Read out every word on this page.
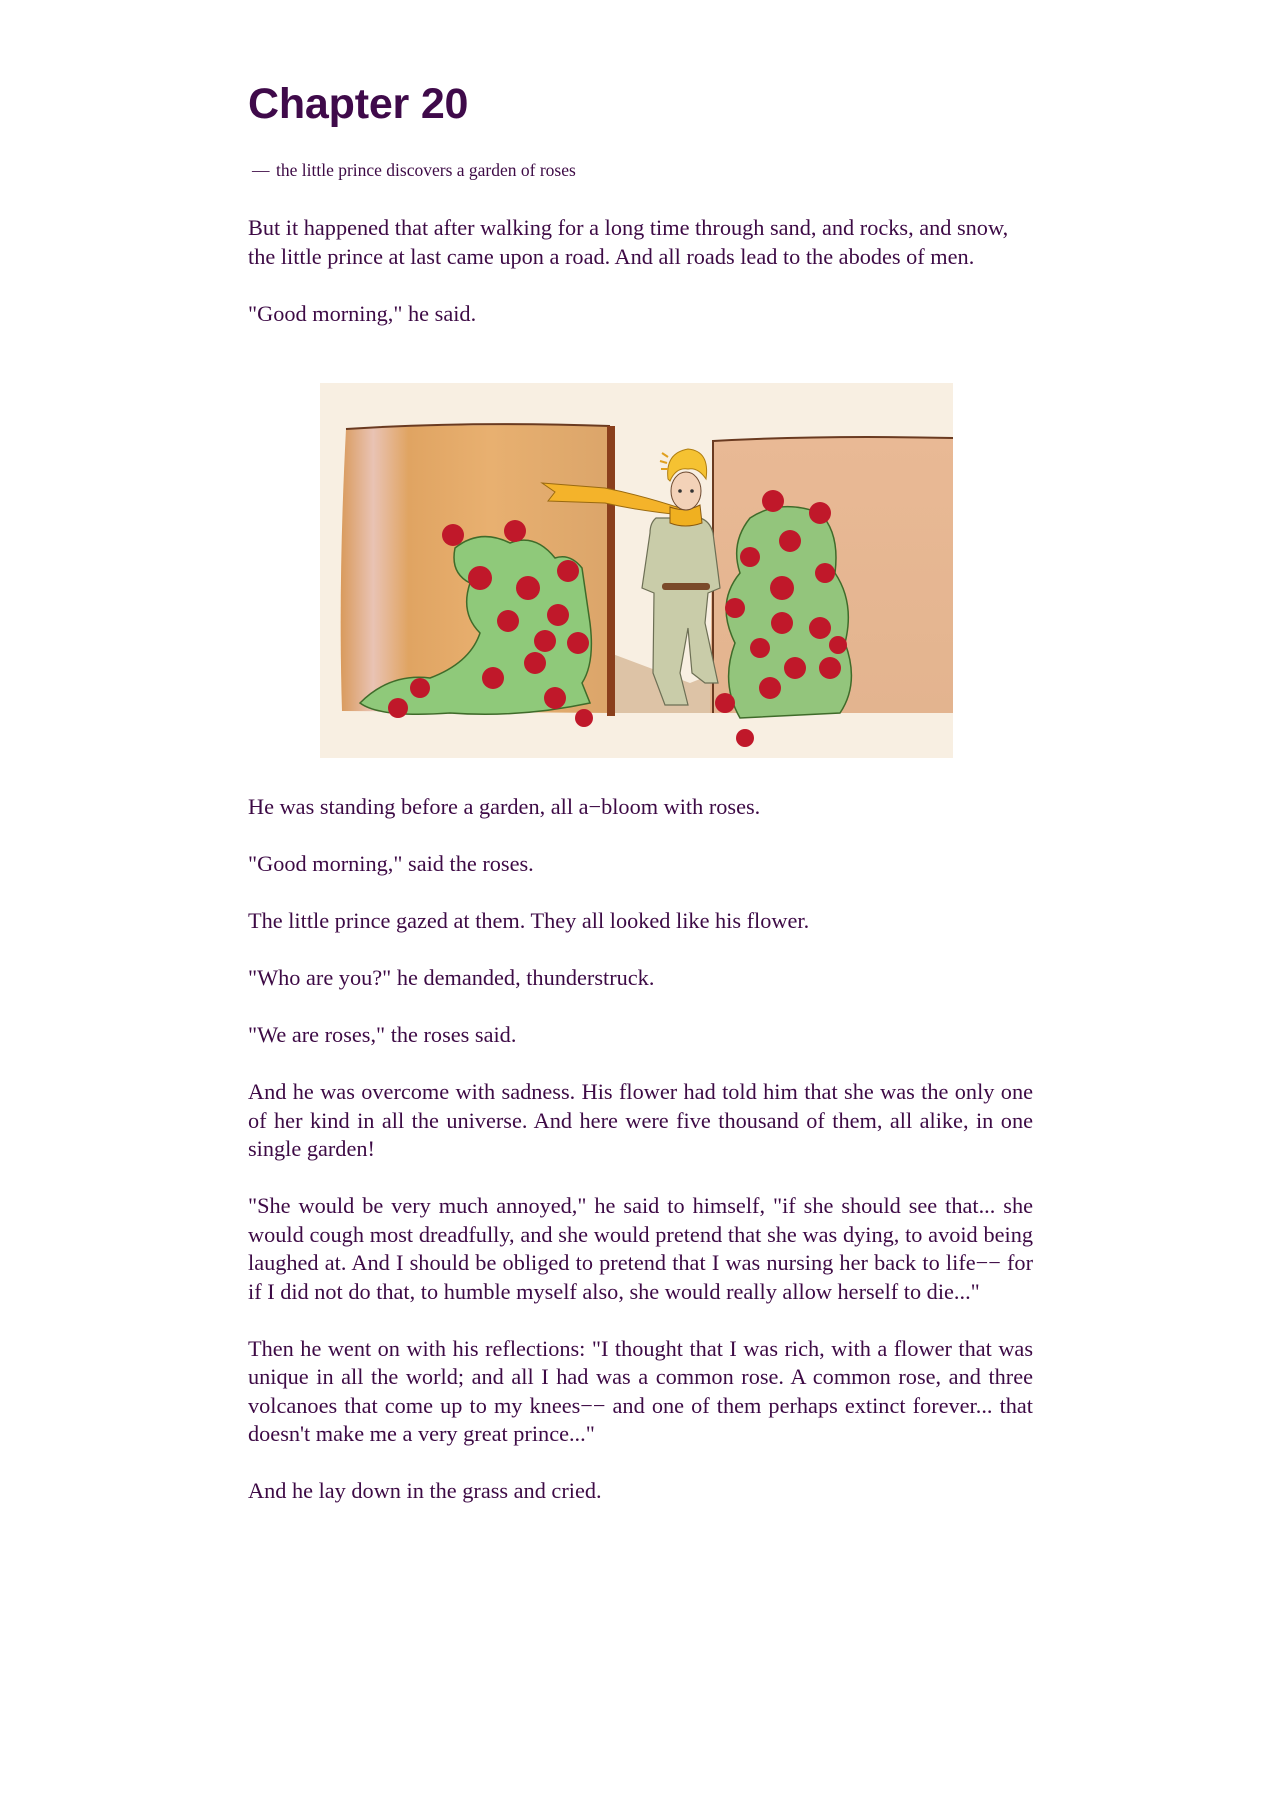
Chapter 20
— the little prince discovers a garden of roses

But it happened that after walking for a long time through sand, and rocks, and snow, the little prince at last came upon a road. And all roads lead to the abodes of men.

"Good morning," he said.

He was standing before a garden, all a−bloom with roses.

"Good morning," said the roses.

The little prince gazed at them. They all looked like his flower.

"Who are you?" he demanded, thunderstruck.

"We are roses," the roses said.

And he was overcome with sadness. His flower had told him that she was the only one of her kind in all the universe. And here were five thousand of them, all alike, in one single garden!

"She would be very much annoyed," he said to himself, "if she should see that... she would cough most dreadfully, and she would pretend that she was dying, to avoid being laughed at. And I should be obliged to pretend that I was nursing her back to life−− for if I did not do that, to humble myself also, she would really allow herself to die..."

Then he went on with his reflections: "I thought that I was rich, with a flower that was unique in all the world; and all I had was a common rose. A common rose, and three volcanoes that come up to my knees−− and one of them perhaps extinct forever... that doesn't make me a very great prince..."

And he lay down in the grass and cried.
